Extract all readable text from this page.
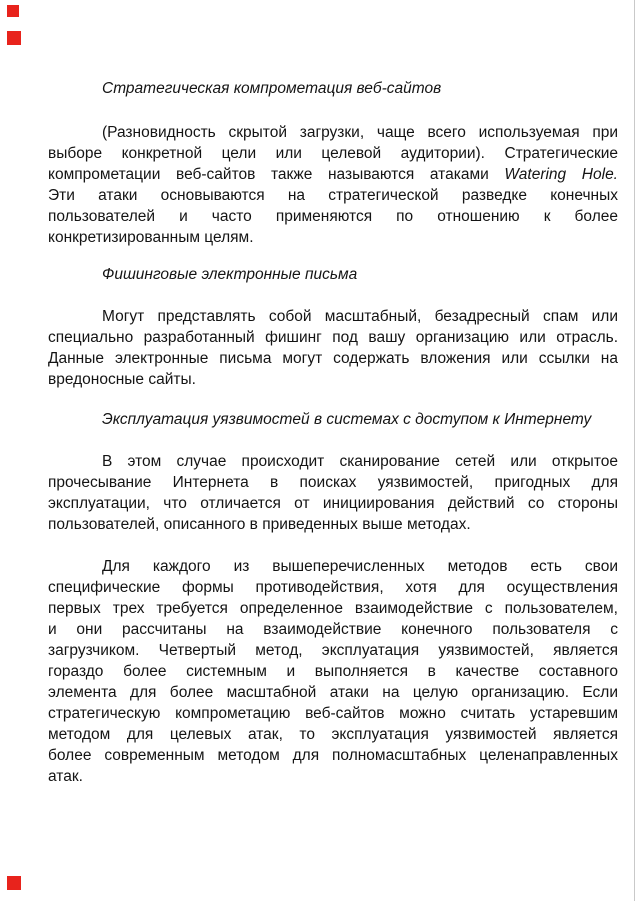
Стратегическая компрометация веб-сайтов
(Разновидность скрытой загрузки, чаще всего используемая при
выборе конкретной цели или целевой аудитории). Стратегические
компрометации веб-сайтов также называются атаками Watering Hole.
Эти атаки основываются на стратегической разведке конечных
пользователей и часто применяются по отношению к более
конкретизированным целям.
Фишинговые электронные письма
Могут представлять собой масштабный, безадресный спам или
специально разработанный фишинг под вашу организацию или отрасль.
Данные электронные письма могут содержать вложения или ссылки на
вредоносные сайты.
Эксплуатация уязвимостей в системах с доступом к Интернету
В этом случае происходит сканирование сетей или открытое
прочесывание Интернета в поисках уязвимостей, пригодных для
эксплуатации, что отличается от инициирования действий со стороны
пользователей, описанного в приведенных выше методах.
Для каждого из вышеперечисленных методов есть свои
специфические формы противодействия, хотя для осуществления
первых трех требуется определенное взаимодействие с пользователем,
и они рассчитаны на взаимодействие конечного пользователя с
загрузчиком. Четвертый метод, эксплуатация уязвимостей, является
гораздо более системным и выполняется в качестве составного
элемента для более масштабной атаки на целую организацию. Если
стратегическую компрометацию веб-сайтов можно считать устаревшим
методом для целевых атак, то эксплуатация уязвимостей является
более современным методом для полномасштабных целенаправленных
атак.
